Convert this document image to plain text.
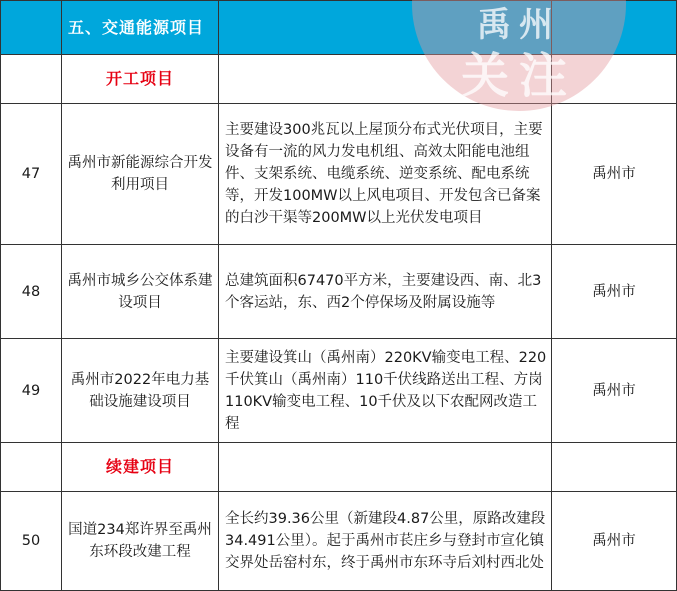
	五、交通能源项目		
	开工项目		
47	禹州市新能源综合开发利用项目	主要建设300兆瓦以上屋顶分布式光伏项目，主要设备有一流的风力发电机组、高效太阳能电池组件、支架系统、电缆系统、逆变系统、配电系统等，开发100MW以上风电项目、开发包含已备案的白沙干渠等200MW以上光伏发电项目	禹州市
48	禹州市城乡公交体系建设项目	总建筑面积67470平方米，主要建设西、南、北3个客运站，东、西2个停保场及附属设施等	禹州市
49	禹州市2022年电力基础设施建设项目	主要建设箕山（禹州南）220KV输变电工程、220千伏箕山（禹州南）110千伏线路送出工程、方岗110KV输变电工程、10千伏及以下农配网改造工程	禹州市
	续建项目		
50	国道234郑许界至禹州东环段改建工程	全长约39.36公里（新建段4.87公里，原路改建段34.491公里）。起于禹州市苌庄乡与登封市宣化镇交界处岳窑村东，终于禹州市东环寺后刘村西北处	禹州市
禹州
关注
